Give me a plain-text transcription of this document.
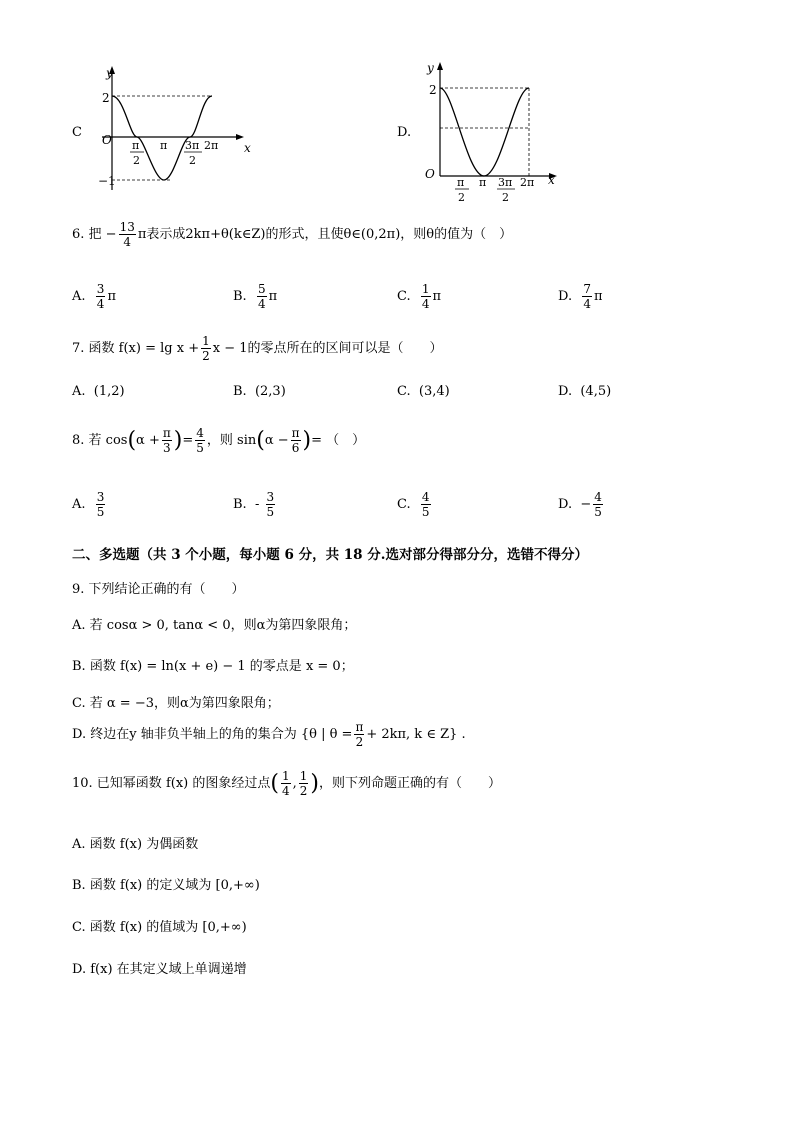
C
y
x
2
−1
O π
2
π 3π
2
2π
D.
y
x
2
O
π
2
π 3π
2
2π
6. 把 − $\frac{13}{4}$ π表示成2kπ+θ(k∈Z)的形式，且使θ∈(0,2π)，则θ的值为（　）
A. $\frac{3}{4}$ π	B. $\frac{5}{4}$ π	C. $\frac{1}{4}$ π	D. $\frac{7}{4}$ π
7. 函数 $f(x) = \lg x + \frac{1}{2}$ x − 1的零点所在的区间可以是（　　）
A. (1,2)	B. (2,3)	C. (3,4)	D. (4,5)
8. 若 $\cos(\alpha + \frac{\pi}{3}$ )= $\frac{4}{5}$ ，则 $\sin(\alpha - \frac{\pi}{6}$ )= （　）
A. $\frac{3}{5}$	B. - $\frac{3}{5}$	C. $\frac{4}{5}$	D. − $\frac{4}{5}$
二、多选题（共 3 个小题，每小题 6 分，共 18 分.选对部分得部分分，选错不得分）
9. 下列结论正确的有（　　）
A. 若 cosα > 0, tanα < 0，则α为第四象限角；
B. 函数 f(x) = ln(x + e) − 1 的零点是 x = 0；
C. 若 α = −3，则α为第四象限角；
D. 终边在y 轴非负半轴上的角的集合为 {θ | $\theta = \frac{\pi}{2} + 2k\pi$, k ∈ Z} .
10. 已知幂函数 f(x) 的图象经过点( $\frac{1}{4}$ , $\frac{1}{2}$ )，则下列命题正确的有（　　）
A. 函数 f(x) 为偶函数
B. 函数 f(x) 的定义域为 [0,+∞)
C. 函数 f(x) 的值域为 [0,+∞)
D. f(x) 在其定义域上单调递增
